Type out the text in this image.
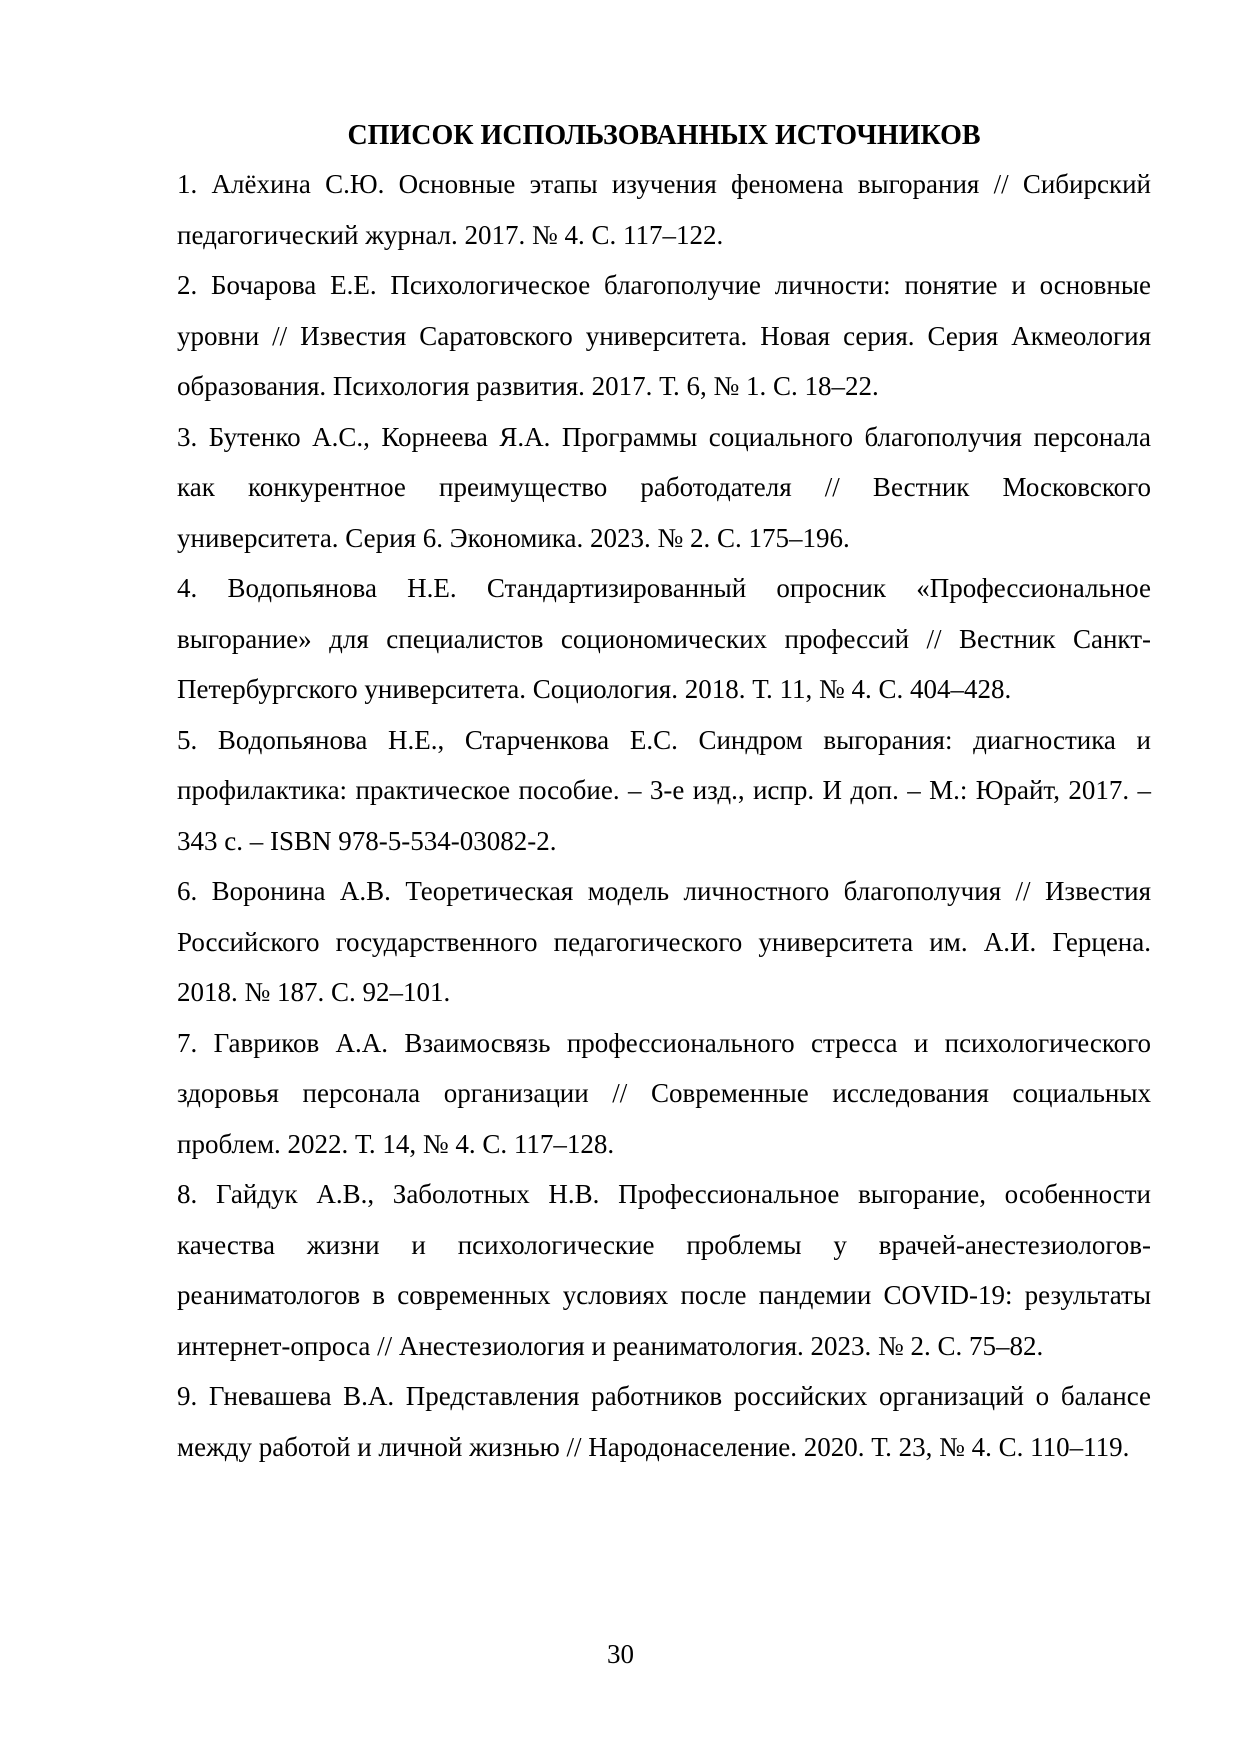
СПИСОК ИСПОЛЬЗОВАННЫХ ИСТОЧНИКОВ
1. Алёхина С.Ю. Основные этапы изучения феномена выгорания // Сибирский педагогический журнал. 2017. № 4. С. 117–122.
2. Бочарова Е.Е. Психологическое благополучие личности: понятие и основные уровни // Известия Саратовского университета. Новая серия. Серия Акмеология образования. Психология развития. 2017. Т. 6, № 1. С. 18–22.
3. Бутенко А.С., Корнеева Я.А. Программы социального благополучия персонала как конкурентное преимущество работодателя // Вестник Московского университета. Серия 6. Экономика. 2023. № 2. С. 175–196.
4. Водопьянова Н.Е. Стандартизированный опросник «Профессиональное выгорание» для специалистов социономических профессий // Вестник Санкт-Петербургского университета. Социология. 2018. Т. 11, № 4. С. 404–428.
5. Водопьянова Н.Е., Старченкова Е.С. Синдром выгорания: диагностика и профилактика: практическое пособие. – 3-е изд., испр. И доп. – М.: Юрайт, 2017. – 343 с. – ISBN 978-5-534-03082-2.
6. Воронина А.В. Теоретическая модель личностного благополучия // Известия Российского государственного педагогического университета им. А.И. Герцена. 2018. № 187. С. 92–101.
7. Гавриков А.А. Взаимосвязь профессионального стресса и психологического здоровья персонала организации // Современные исследования социальных проблем. 2022. Т. 14, № 4. С. 117–128.
8. Гайдук А.В., Заболотных Н.В. Профессиональное выгорание, особенности качества жизни и психологические проблемы у врачей-анестезиологов-реаниматологов в современных условиях после пандемии COVID-19: результаты интернет-опроса // Анестезиология и реаниматология. 2023. № 2. С. 75–82.
9. Гневашева В.А. Представления работников российских организаций о балансе между работой и личной жизнью // Народонаселение. 2020. Т. 23, № 4. С. 110–119.
30
